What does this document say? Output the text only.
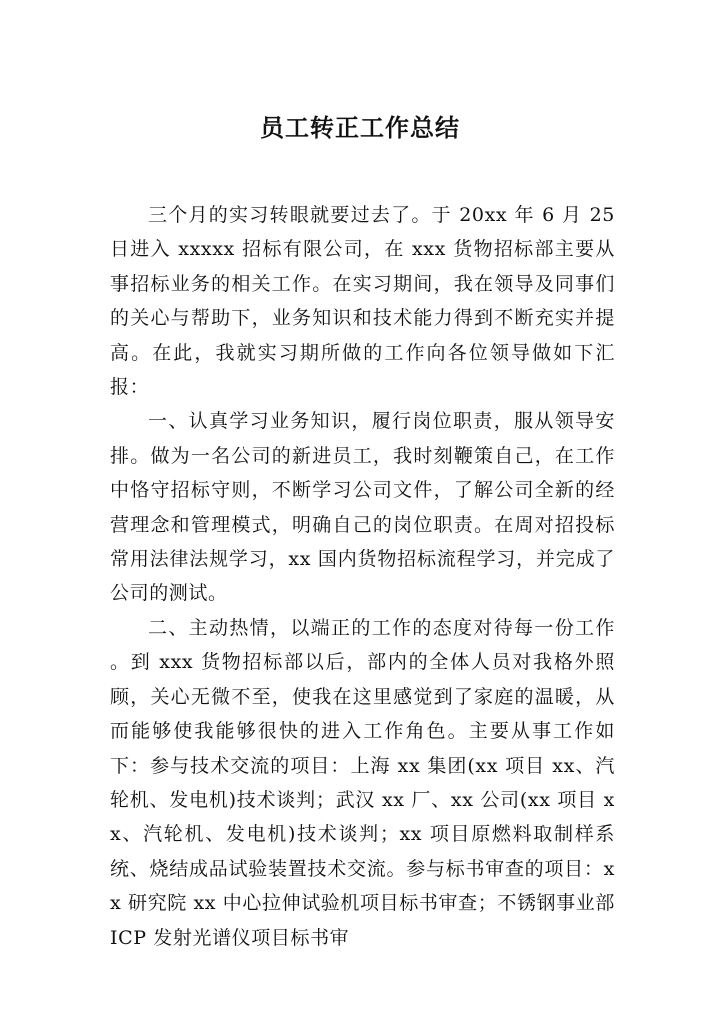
员工转正工作总结

三个月的实习转眼就要过去了。于 20xx 年 6 月 25 日进入 xxxxx 招标有限公司，在 xxx 货物招标部主要从事招标业务的相关工作。在实习期间，我在领导及同事们的关心与帮助下，业务知识和技术能力得到不断充实并提高。在此，我就实习期所做的工作向各位领导做如下汇报：

一、认真学习业务知识，履行岗位职责，服从领导安排。做为一名公司的新进员工，我时刻鞭策自己，在工作中恪守招标守则，不断学习公司文件，了解公司全新的经营理念和管理模式，明确自己的岗位职责。在周对招投标常用法律法规学习，xx 国内货物招标流程学习，并完成了公司的测试。

二、主动热情，以端正的工作的态度对待每一份工作 。到 xxx 货物招标部以后，部内的全体人员对我格外照顾，关心无微不至，使我在这里感觉到了家庭的温暖，从而能够使我能够很快的进入工作角色。主要从事工作如下：参与技术交流的项目：上海 xx 集团(xx 项目 xx、汽轮机、发电机)技术谈判；武汉 xx 厂、xx 公司(xx 项目 xx、汽轮机、发电机)技术谈判；xx 项目原燃料取制样系统、烧结成品试验装置技术交流。参与标书审查的项目：xx 研究院 xx 中心拉伸试验机项目标书审查；不锈钢事业部 ICP 发射光谱仪项目标书审
